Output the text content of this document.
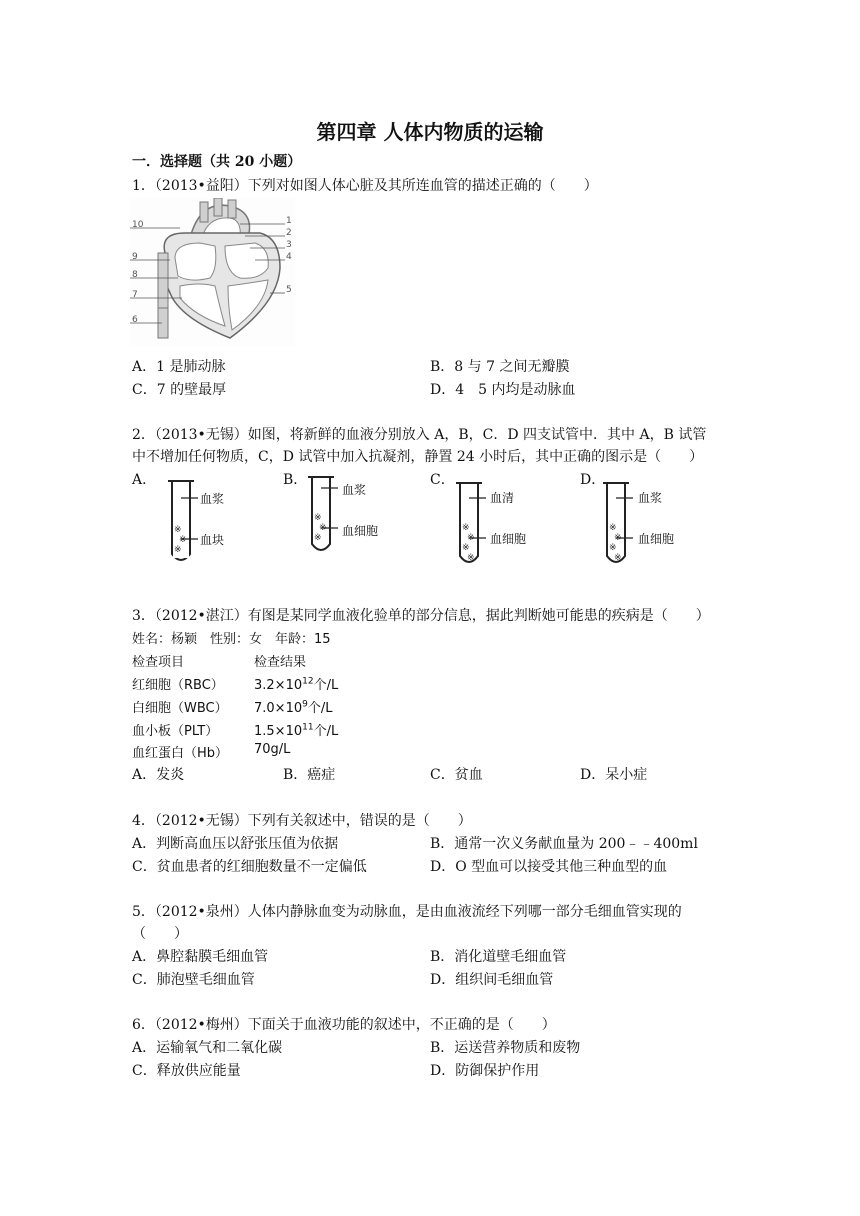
第四章 人体内物质的运输
一．选择题（共 20 小题）
1．（2013•益阳）下列对如图人体心脏及其所连血管的描述正确的（　　）
10	1
2
3
4
5
9
8
7
6
A．1 是肺动脉	B．8 与 7 之间无瓣膜
C．7 的壁最厚	D．4　5 内均是动脉血
2．（2013•无锡）如图，将新鲜的血液分别放入 A，B，C．D 四支试管中．其中 A，B 试管
中不增加任何物质，C，D 试管中加入抗凝剂，静置 24 小时后，其中正确的图示是（　　）
A．
※
※
※
血浆
血块
B．
※
※
※
血浆
血细胞
C．
※
※
※
※
血清
血细胞
D．
※
※
※
※
血浆
血细胞
3．（2012•湛江）有图是某同学血液化验单的部分信息，据此判断她可能患的疾病是（　　）
姓名：杨颖　性别：女　年龄：15
检查项目	检查结果
红细胞（RBC） $3.2\times 10^{12}$个/L
白细胞（WBC） $7.0\times 10^9$个/L
血小板（PLT）	$1.5\times 10^{11}$个/L
血红蛋白（Hb） 70g/L
A．发炎	B．癌症	C．贫血	D．呆小症
4．（2012•无锡）下列有关叙述中，错误的是（　　）
A．判断高血压以舒张压值为依据	B．通常一次义务献血量为 200﹣﹣400ml
C．贫血患者的红细胞数量不一定偏低	D．O 型血可以接受其他三种血型的血
5．（2012•泉州）人体内静脉血变为动脉血，是由血液流经下列哪一部分毛细血管实现的
（　　）
A．鼻腔黏膜毛细血管	B．消化道壁毛细血管
C．肺泡壁毛细血管	D．组织间毛细血管
6．（2012•梅州）下面关于血液功能的叙述中，不正确的是（　　）
A．运输氧气和二氧化碳	B．运送营养物质和废物
C．释放供应能量	D．防御保护作用
